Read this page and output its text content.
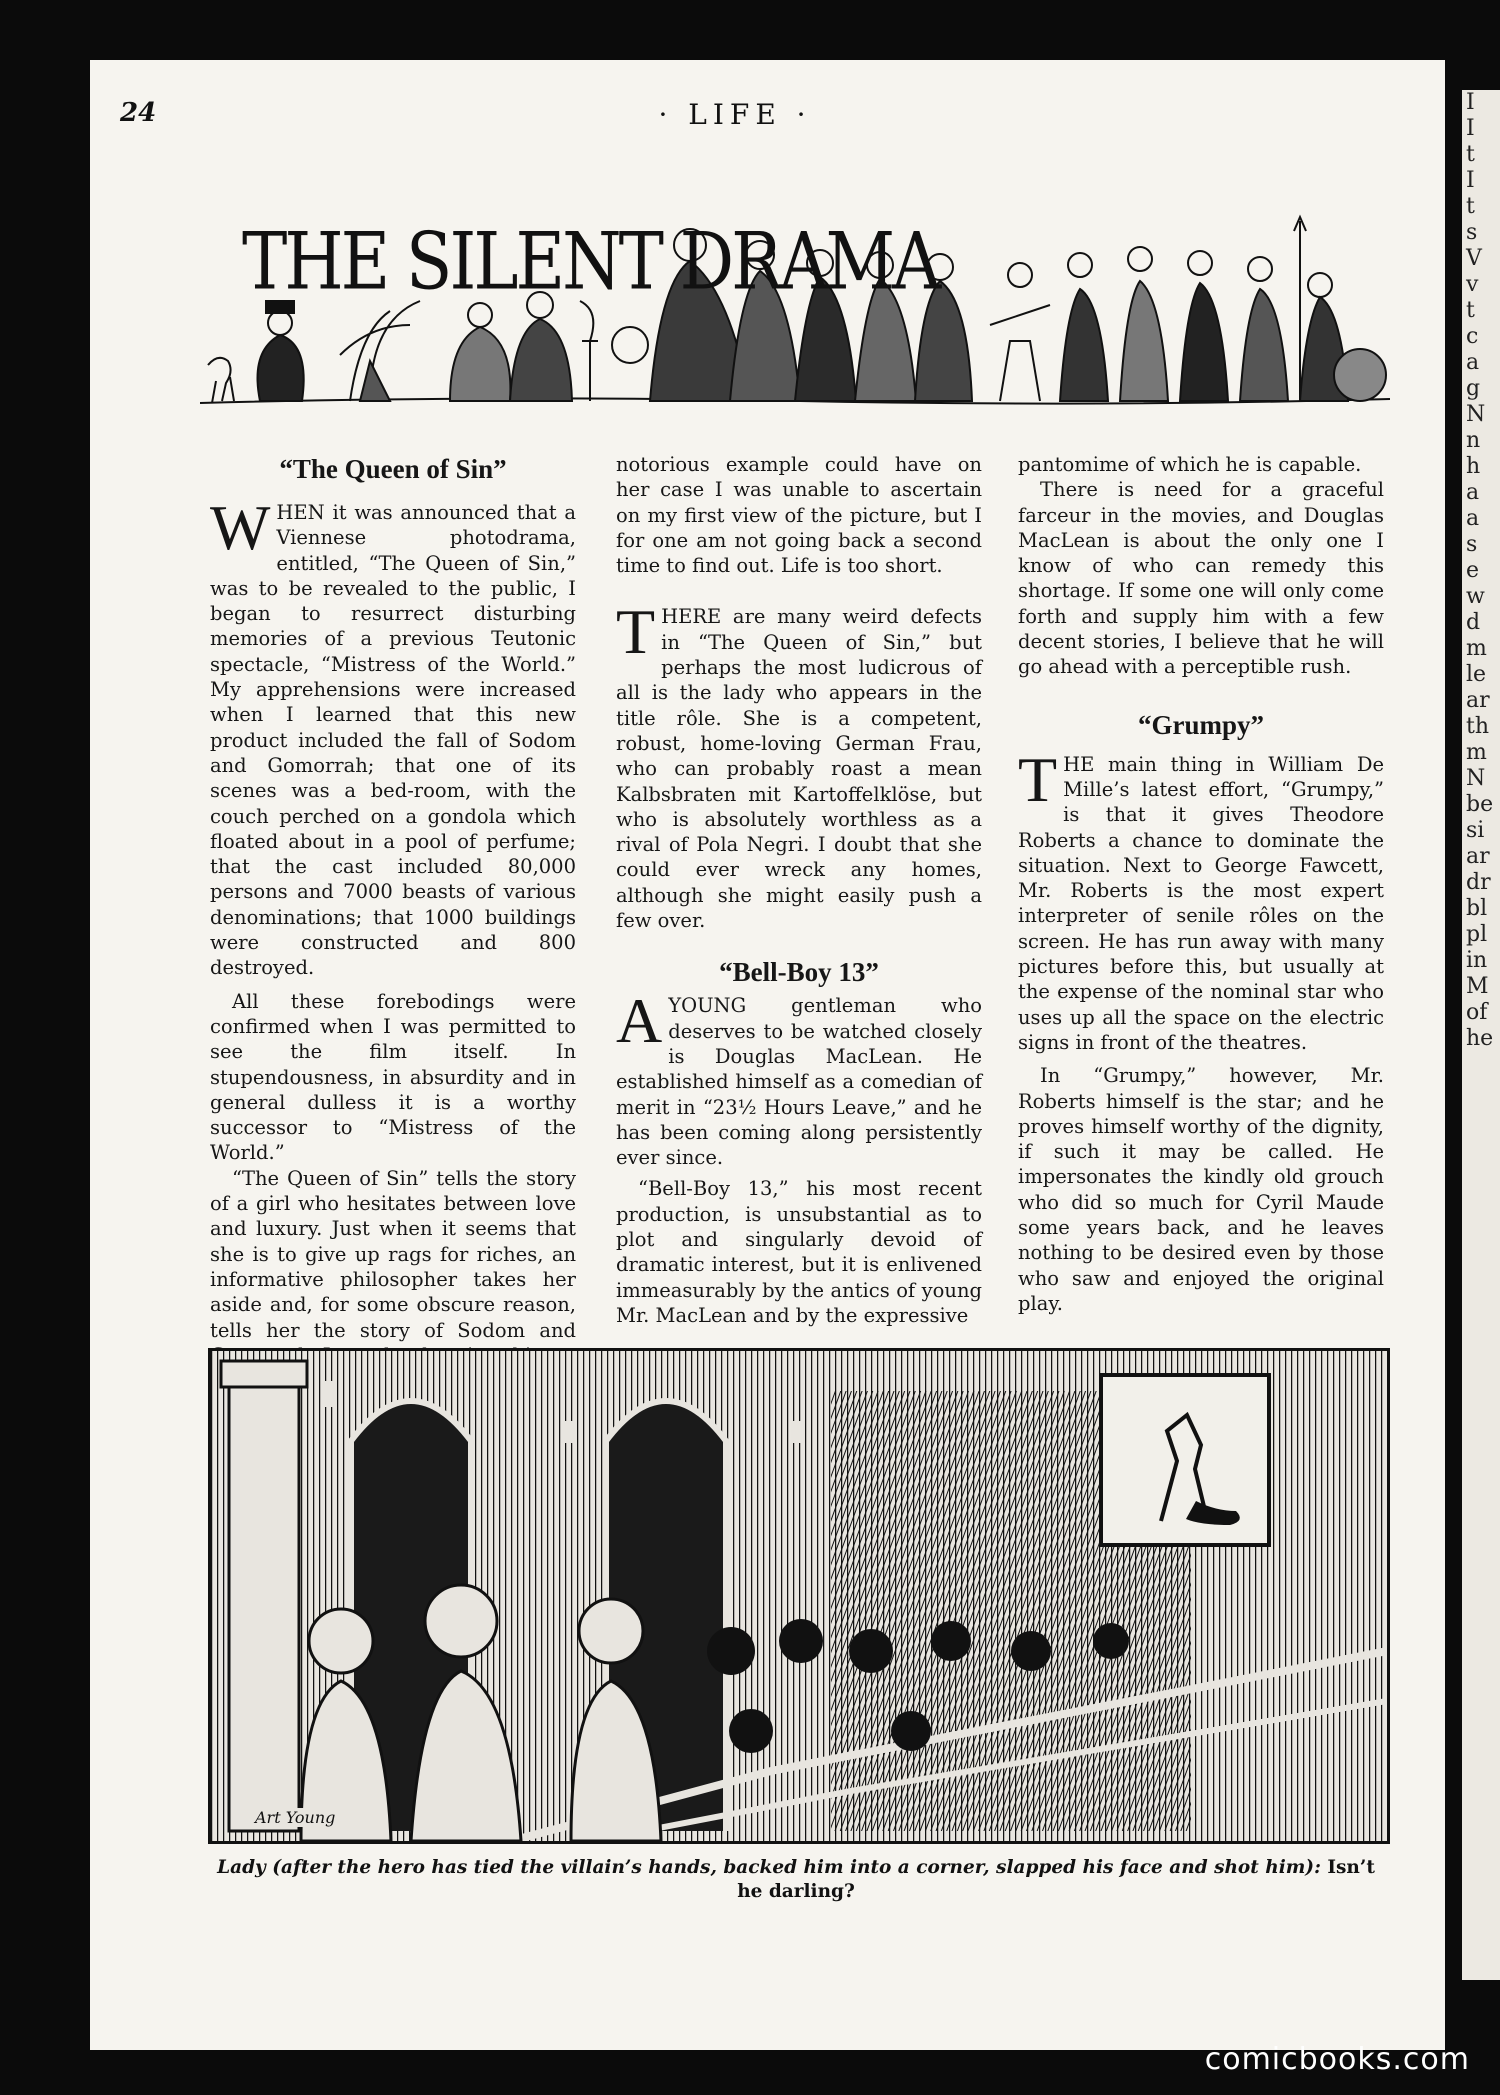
I
I
t
I
t
s
V
v
t
c
a
g
N
n
h
a
a
s
e
w
d
m
le
ar
th
m
N
be
si
ar
dr
bl
pl
in
M
of
he
24	· LIFE ·
THE SILENT DRAMA
“The Queen of Sin”

WHEN it was announced that a Viennese photodrama, entitled, “The Queen of Sin,” was to be revealed to the public, I began to resurrect disturbing memories of a previous Teutonic spectacle, “Mistress of the World.” My apprehensions were increased when I learned that this new product included the fall of Sodom and Gomorrah; that one of its scenes was a bed-room, with the couch perched on a gondola which floated about in a pool of perfume; that the cast included 80,000 persons and 7000 beasts of various denominations; that 1000 buildings were constructed and 800 destroyed.

All these forebodings were confirmed when I was permitted to see the film itself. In stupendousness, in absurdity and in general dulless it is a worthy successor to “Mistress of the World.”

“The Queen of Sin” tells the story of a girl who hesitates between love and luxury. Just when it seems that she is to give up rags for riches, an informative philosopher takes her aside and, for some obscure reason, tells her the story of Sodom and

notorious example could have on her case I was unable to ascertain on my first view of the picture, but I for one am not going back a second time to find out. Life is too short.

THERE are many weird defects in “The Queen of Sin,” but perhaps the most ludicrous of all is the lady who appears in the title rôle. She is a competent, robust, home-loving German Frau, who can probably roast a mean Kalbsbraten mit Kartoffelklöse, but who is absolutely worthless as a rival of Pola Negri. I doubt that she could ever wreck any homes, although she might easily push a few over.

“Bell-Boy 13”

AYOUNG gentleman who deserves to be watched closely is Douglas MacLean. He established himself as a comedian of merit in “23½ Hours Leave,” and he has been coming along persistently ever since.

“Bell-Boy 13,” his most recent production, is unsubstantial as to plot and singularly devoid of dramatic interest, but it is enlivened immeasurably by the antics of young Mr. MacLean and by the expressive

pantomime of which he is capable.

There is need for a graceful farceur in the movies, and Douglas MacLean is about the only one I know of who can remedy this shortage. If some one will only come forth and supply him with a few decent stories, I believe that he will go ahead with a perceptible rush.

“Grumpy”

THE main thing in William De Mille’s latest effort, “Grumpy,” is that it gives Theodore Roberts a chance to dominate the situation. Next to George Fawcett, Mr. Roberts is the most expert interpreter of senile rôles on the screen. He has run away with many pictures before this, but usually at the expense of the nominal star who uses up all the space on the electric signs in front of the theatres.

In “Grumpy,” however, Mr. Roberts himself is the star; and he proves himself worthy of the dignity, if such it may be called. He impersonates the kindly old grouch who did so much for Cyril Maude some years back, and he leaves nothing to be desired even by those who saw and enjoyed the original play.

Art Young
Lady (after the hero has tied the villain’s hands, backed him into a corner, slapped his face and shot him): Isn’t he darling?
comicbooks.com
